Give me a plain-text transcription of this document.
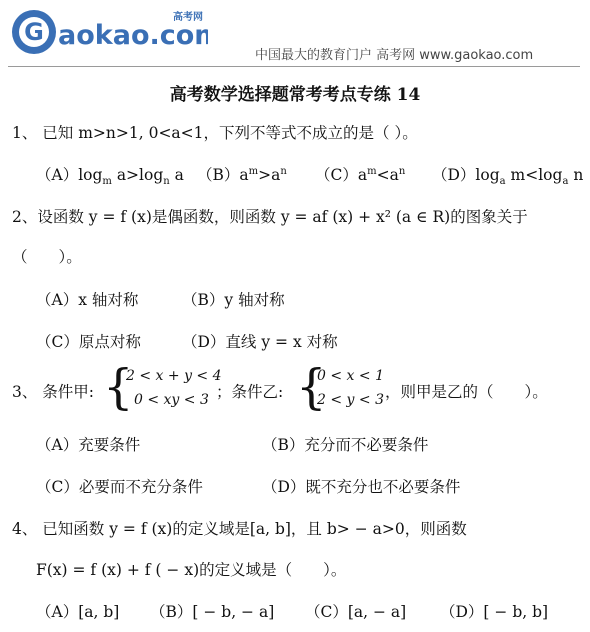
G aokao.com
高考网
中国最大的教育门户 高考网 www.gaokao.com
高考数学选择题常考考点专练 14
1、 已知 m>n>1, 0<a<1，下列不等式不成立的是（ ）。
$(A)\log_m$ $a>\log_n$ a $(B)a^m>a^n$ $(C)a^m<a^n$ $(D)\log_a$ $m<\log_a$ n
2、设函数 y = f (x)是偶函数，则函数 y = af (x) + x² (a ∈ R)的图象关于
（　　）。
（A）x 轴对称	（B）y 轴对称
（C）原点对称	（D）直线 y = x 对称
3、 条件甲: {
2 < x + y < 4
0 < xy < 3 ；条件乙: {
0 < x < 1
2 < y < 3 ，则甲是乙的（　　）。
（A）充要条件	（B）充分而不必要条件
（C）必要而不充分条件	（D）既不充分也不必要条件
4、 已知函数 y = f (x)的定义域是[a, b]，且 b> − a>0，则函数
F(x) = f (x) + f ( − x)的定义域是（　　）。
（A）[a, b] （B）[ − b, − a] （C）[a, − a] （D）[ − b, b]
